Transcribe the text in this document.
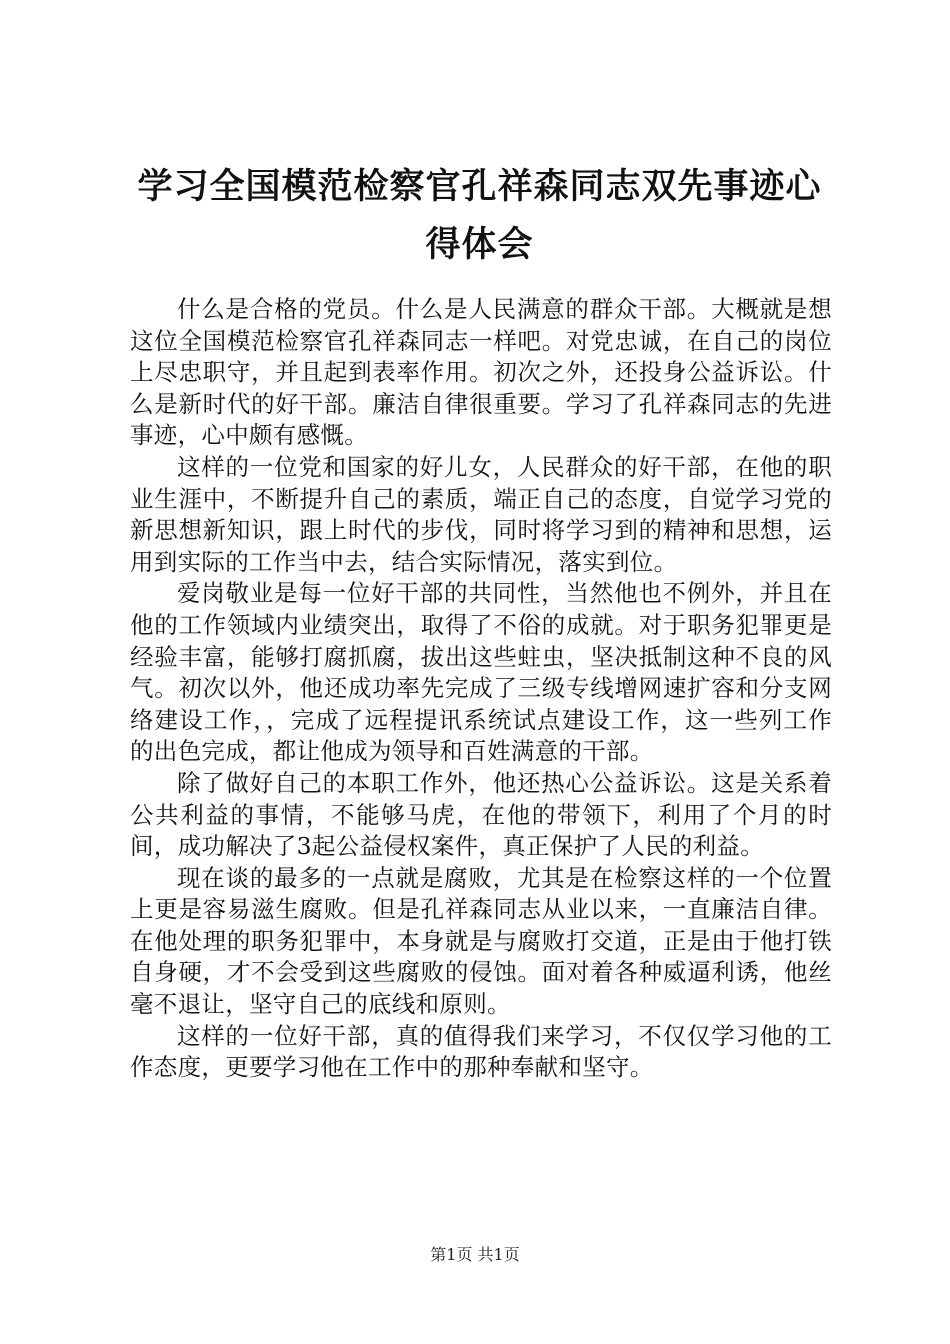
学习全国模范检察官孔祥森同志双先事迹心得体会

什么是合格的党员。什么是人民满意的群众干部。大概就是想这位全国模范检察官孔祥森同志一样吧。对党忠诚，在自己的岗位上尽忠职守，并且起到表率作用。初次之外，还投身公益诉讼。什么是新时代的好干部。廉洁自律很重要。学习了孔祥森同志的先进事迹，心中颇有感慨。

这样的一位党和国家的好儿女，人民群众的好干部，在他的职业生涯中，不断提升自己的素质，端正自己的态度，自觉学习党的新思想新知识，跟上时代的步伐，同时将学习到的精神和思想，运用到实际的工作当中去，结合实际情况，落实到位。

爱岗敬业是每一位好干部的共同性，当然他也不例外，并且在他的工作领域内业绩突出，取得了不俗的成就。对于职务犯罪更是经验丰富，能够打腐抓腐，拔出这些蛀虫，坚决抵制这种不良的风气。初次以外，他还成功率先完成了三级专线增网速扩容和分支网络建设工作，，完成了远程提讯系统试点建设工作，这一些列工作的出色完成，都让他成为领导和百姓满意的干部。

除了做好自己的本职工作外，他还热心公益诉讼。这是关系着公共利益的事情，不能够马虎，在他的带领下，利用了个月的时间，成功解决了3起公益侵权案件，真正保护了人民的利益。

现在谈的最多的一点就是腐败，尤其是在检察这样的一个位置上更是容易滋生腐败。但是孔祥森同志从业以来，一直廉洁自律。在他处理的职务犯罪中，本身就是与腐败打交道，正是由于他打铁自身硬，才不会受到这些腐败的侵蚀。面对着各种威逼利诱，他丝毫不退让，坚守自己的底线和原则。

这样的一位好干部，真的值得我们来学习，不仅仅学习他的工作态度，更要学习他在工作中的那种奉献和坚守。

第1页 共1页
